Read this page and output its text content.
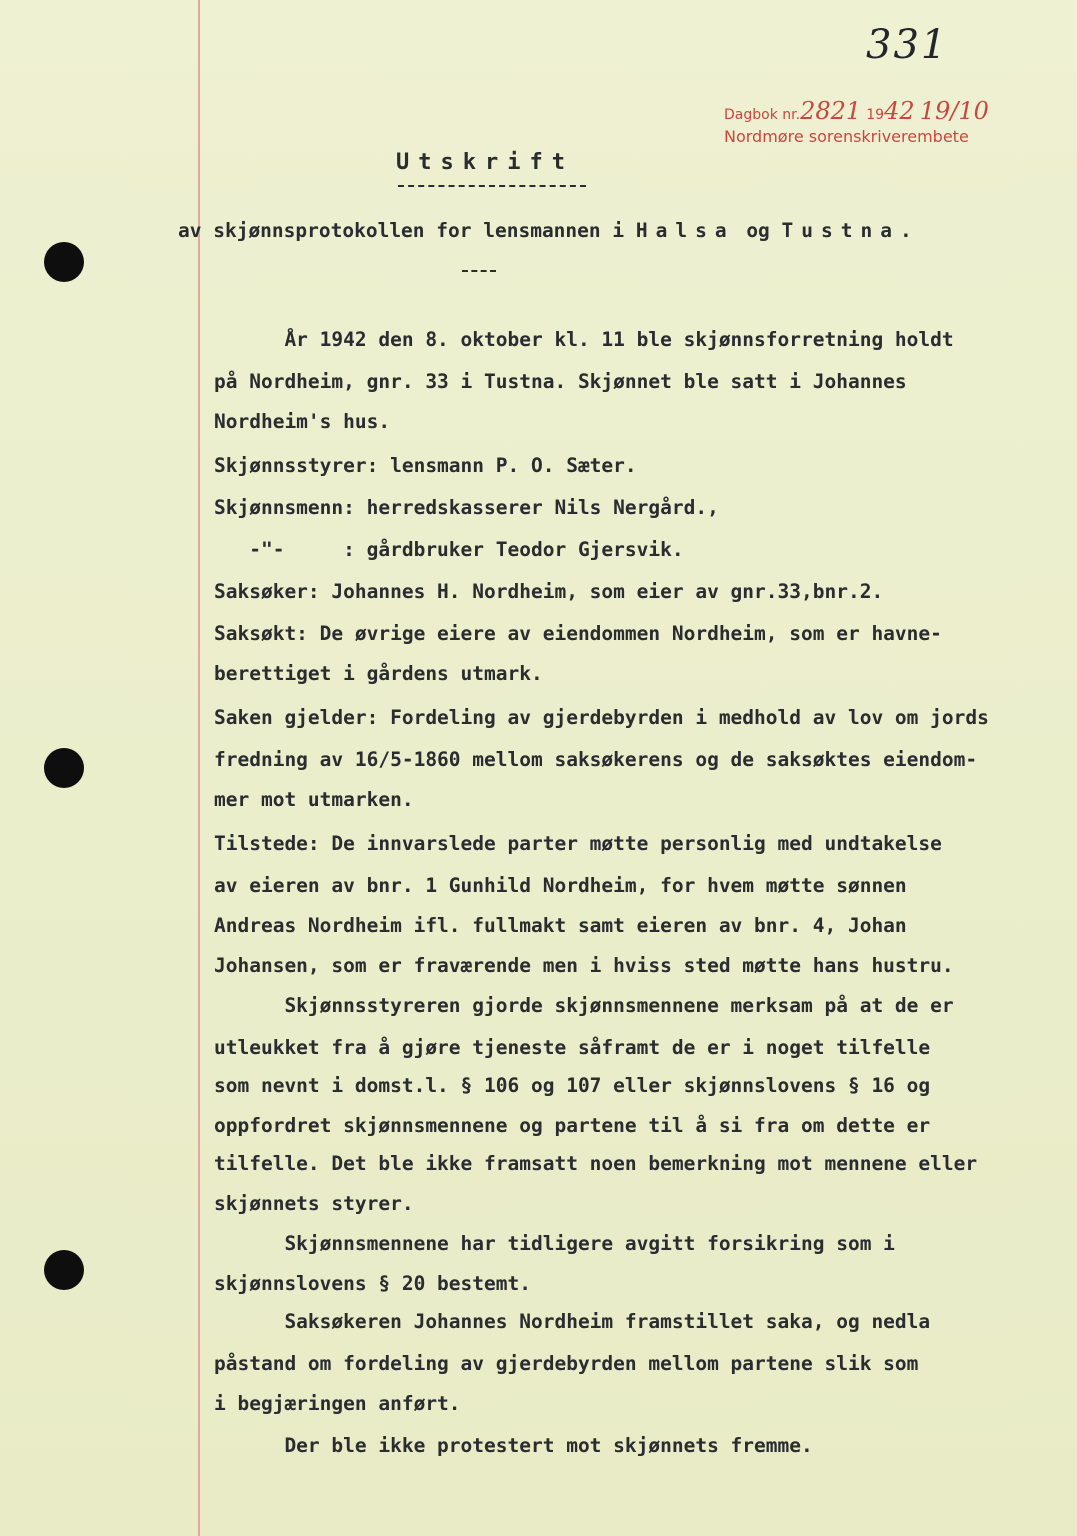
331
Dagbok nr.2821 1942 19/10
Nordmøre sorenskriverembete
Utskrift
av skjønnsprotokollen for lensmannen i Halsa og Tustna.
År 1942 den 8. oktober kl. 11 ble skjønnsforretning holdt
på Nordheim, gnr. 33 i Tustna. Skjønnet ble satt i Johannes
Nordheim's hus.
Skjønnsstyrer: lensmann P. O. Sæter.
Skjønnsmenn: herredskasserer Nils Nergård.,
-"-     : gårdbruker Teodor Gjersvik.
Saksøker: Johannes H. Nordheim, som eier av gnr.33,bnr.2.
Saksøkt: De øvrige eiere av eiendommen Nordheim, som er havne-
berettiget i gårdens utmark.
Saken gjelder: Fordeling av gjerdebyrden i medhold av lov om jords
fredning av 16/5-1860 mellom saksøkerens og de saksøktes eiendom-
mer mot utmarken.
Tilstede: De innvarslede parter møtte personlig med undtakelse
av eieren av bnr. 1 Gunhild Nordheim, for hvem møtte sønnen
Andreas Nordheim ifl. fullmakt samt eieren av bnr. 4, Johan
Johansen, som er fraværende men i hviss sted møtte hans hustru.
Skjønnsstyreren gjorde skjønnsmennene merksam på at de er
utleukket fra å gjøre tjeneste såframt de er i noget tilfelle
som nevnt i domst.l. § 106 og 107 eller skjønnslovens § 16 og
oppfordret skjønnsmennene og partene til å si fra om dette er
tilfelle. Det ble ikke framsatt noen bemerkning mot mennene eller
skjønnets styrer.
Skjønnsmennene har tidligere avgitt forsikring som i
skjønnslovens § 20 bestemt.
Saksøkeren Johannes Nordheim framstillet saka, og nedla
påstand om fordeling av gjerdebyrden mellom partene slik som
i begjæringen anført.
Der ble ikke protestert mot skjønnets fremme.
